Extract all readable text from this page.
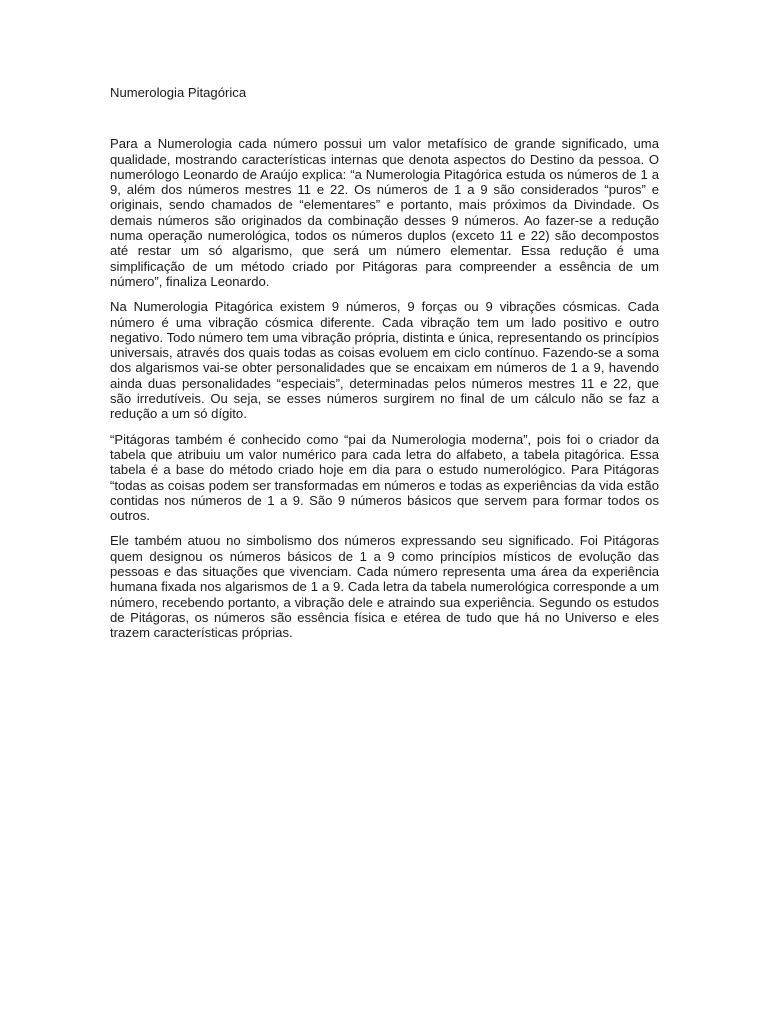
Numerologia Pitagórica

Para a Numerologia cada número possui um valor metafísico de grande significado, uma qualidade, mostrando características internas que denota aspectos do Destino da pessoa. O numerólogo Leonardo de Araújo explica: “a Numerologia Pitagórica estuda os números de 1 a 9, além dos números mestres 11 e 22. Os números de 1 a 9 são considerados “puros” e originais, sendo chamados de “elementares” e portanto, mais próximos da Divindade. Os demais números são originados da combinação desses 9 números. Ao fazer-se a redução numa operação numerológica, todos os números duplos (exceto 11 e 22) são decompostos até restar um só algarismo, que será um número elementar. Essa redução é uma simplificação de um método criado por Pitágoras para compreender a essência de um número”, finaliza Leonardo.

Na Numerologia Pitagórica existem 9 números, 9 forças ou 9 vibrações cósmicas. Cada número é uma vibração cósmica diferente. Cada vibração tem um lado positivo e outro negativo. Todo número tem uma vibração própria, distinta e única, representando os princípios universais, através dos quais todas as coisas evoluem em ciclo contínuo. Fazendo-se a soma dos algarismos vai-se obter personalidades que se encaixam em números de 1 a 9, havendo ainda duas personalidades “especiais”, determinadas pelos números mestres 11 e 22, que são irredutíveis. Ou seja, se esses números surgirem no final de um cálculo não se faz a redução a um só dígito.

“Pitágoras também é conhecido como “pai da Numerologia moderna”, pois foi o criador da tabela que atribuiu um valor numérico para cada letra do alfabeto, a tabela pitagórica. Essa tabela é a base do método criado hoje em dia para o estudo numerológico. Para Pitágoras “todas as coisas podem ser transformadas em números e todas as experiências da vida estão contidas nos números de 1 a 9. São 9 números básicos que servem para formar todos os outros.

Ele também atuou no simbolismo dos números expressando seu significado. Foi Pitágoras quem designou os números básicos de 1 a 9 como princípios místicos de evolução das pessoas e das situações que vivenciam. Cada número representa uma área da experiência humana fixada nos algarismos de 1 a 9. Cada letra da tabela numerológica corresponde a um número, recebendo portanto, a vibração dele e atraindo sua experiência. Segundo os estudos de Pitágoras, os números são essência física e etérea de tudo que há no Universo e eles trazem características próprias.
